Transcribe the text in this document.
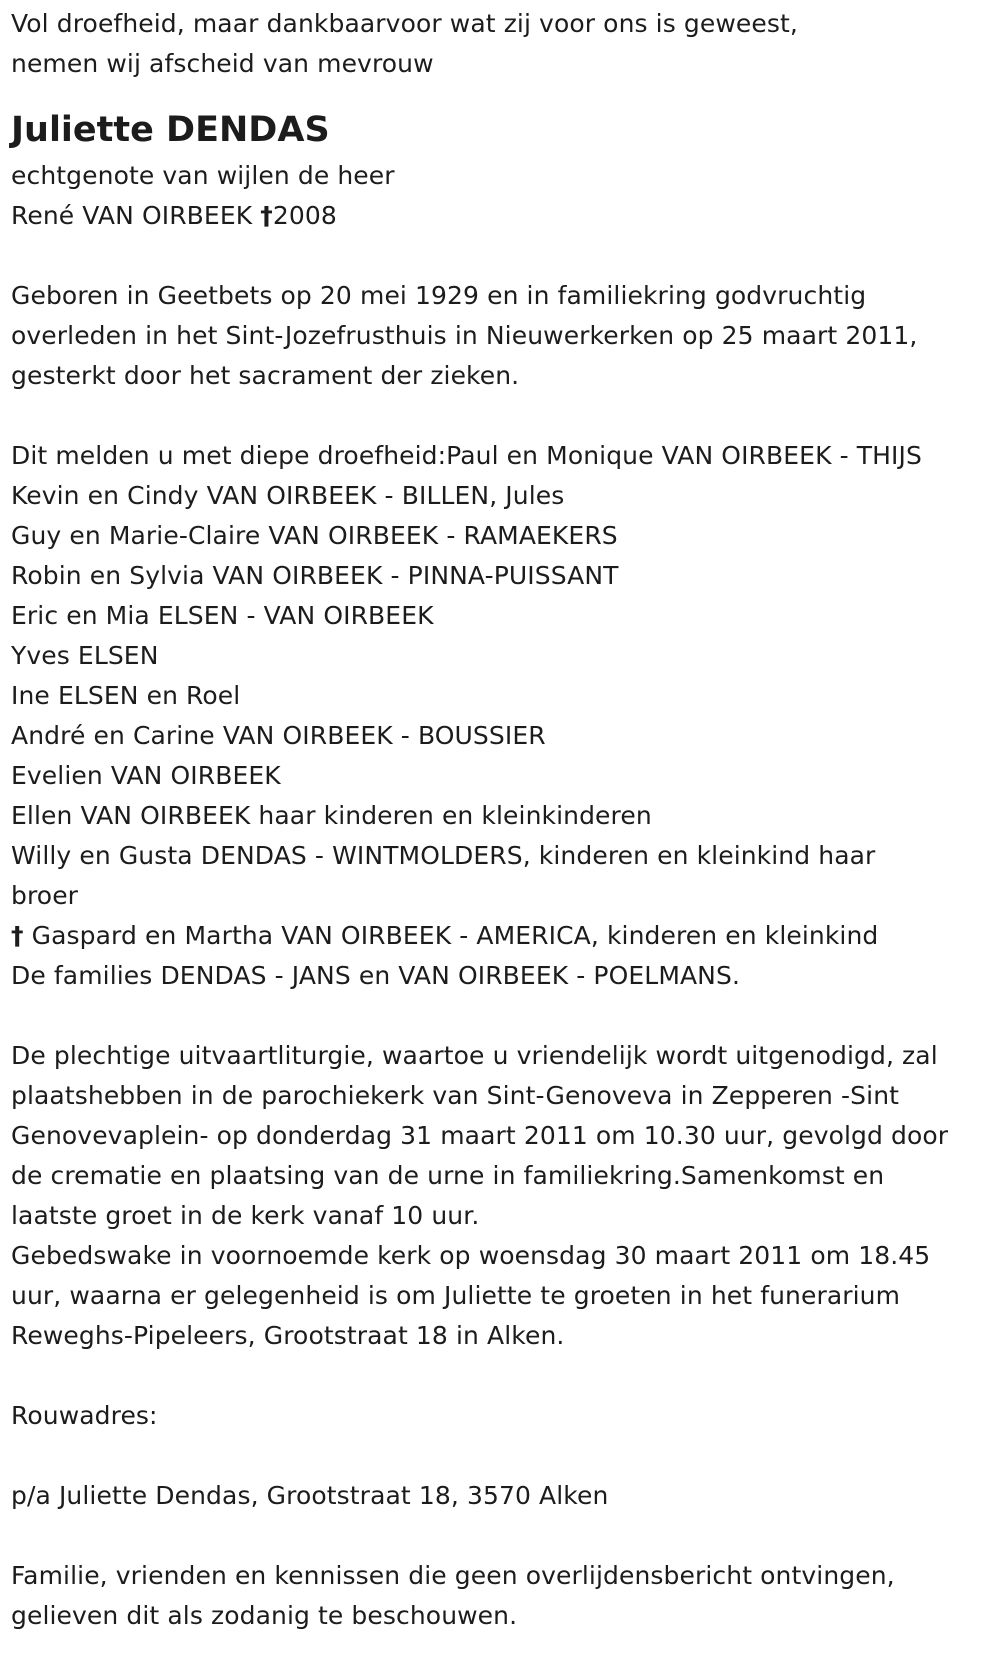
Vol droefheid, maar dankbaarvoor wat zij voor ons is geweest,
nemen wij afscheid van mevrouw
Juliette DENDAS
echtgenote van wijlen de heer
René VAN OIRBEEK †2008
Geboren in Geetbets op 20 mei 1929 en in familiekring godvruchtig
overleden in het Sint-Jozefrusthuis in Nieuwerkerken op 25 maart 2011,
gesterkt door het sacrament der zieken.
Dit melden u met diepe droefheid:Paul en Monique VAN OIRBEEK - THIJS
Kevin en Cindy VAN OIRBEEK - BILLEN, Jules
Guy en Marie-Claire VAN OIRBEEK - RAMAEKERS
Robin en Sylvia VAN OIRBEEK - PINNA-PUISSANT
Eric en Mia ELSEN - VAN OIRBEEK
Yves ELSEN
Ine ELSEN en Roel
André en Carine VAN OIRBEEK - BOUSSIER
Evelien VAN OIRBEEK
Ellen VAN OIRBEEK haar kinderen en kleinkinderen
Willy en Gusta DENDAS - WINTMOLDERS, kinderen en kleinkind haar
broer
† Gaspard en Martha VAN OIRBEEK - AMERICA, kinderen en kleinkind
De families DENDAS - JANS en VAN OIRBEEK - POELMANS.
De plechtige uitvaartliturgie, waartoe u vriendelijk wordt uitgenodigd, zal
plaatshebben in de parochiekerk van Sint-Genoveva in Zepperen -Sint
Genovevaplein- op donderdag 31 maart 2011 om 10.30 uur, gevolgd door
de crematie en plaatsing van de urne in familiekring.Samenkomst en
laatste groet in de kerk vanaf 10 uur.
Gebedswake in voornoemde kerk op woensdag 30 maart 2011 om 18.45
uur, waarna er gelegenheid is om Juliette te groeten in het funerarium
Reweghs-Pipeleers, Grootstraat 18 in Alken.
Rouwadres:
p/a Juliette Dendas, Grootstraat 18, 3570 Alken
Familie, vrienden en kennissen die geen overlijdensbericht ontvingen,
gelieven dit als zodanig te beschouwen.
